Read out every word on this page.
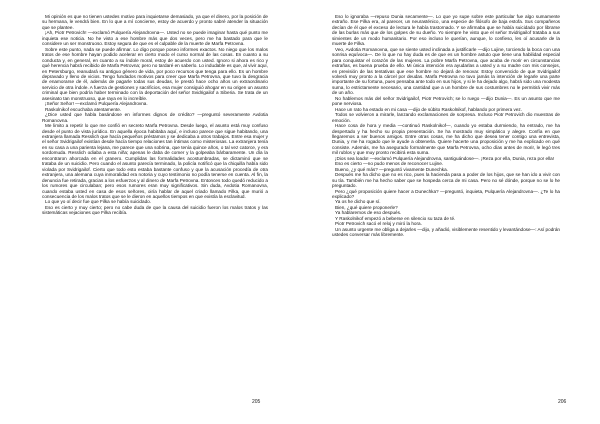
Mi opinión es que no tienen ustedes motivo para inquietarse demasiado, ya que el dinero, por la posición de su hermana, le vendrá bien. En lo que a mí concierne, estoy de acuerdo y pronto sabré atender la situación que se plantee.

¡Ah, Piotr Petrovich! —exclamó Pulquería Alejandrovna—. Usted no se puede imaginar hasta qué punto me inquieta ese noticia. No he visto a ese hombre más que dos veces, pero me ha bastado para que le considere un ser monstruoso. Estoy segura de que es el culpable de la muerte de Marfa Petrovna.

Sobre este punto, nada se puede afirmar. Lo digo porque poseo informes exactos. No niego que los malos tratos de ese hombre hayan podido acelerar en cierto modo el curso normal de las cosas. En cuanto a su conducta y, en general, en cuanto a su índole moral, estoy de acuerdo con usted. Ignoro si ahora es rico y qué herencia habrá recibido de Marfa Petrovna; pero no tardaré en saberlo. Lo indudable es que, al vivir aquí, en Petersburgo, reanudará su antiguo género de vida, por poco recursos que tenga para ello. Es un hombre depravado y lleno de vicios. Tengo fundados motivos para creer que Marfa Petrovna, que tuvo la desgracia de enamorarse de él, además de pagarle todas sus deudas, le prestó hace ocho años un extraordinario servicio de otra índole. A fuerza de gestiones y sacrificios, esa mujer consiguió ahogar en su origen un asunto criminal que bien podría haber terminado con la deportación del señor Svidrigailof a Siberia. Se trata de un asesinato tan monstruoso, que raya en lo increíble.

¡Señor Señor! —exclamó Pulquería Alejandrovna.

Raskolnikof escuchaba atentamente.

¿Dice usted que habla basándose en informes dignos de crédito? —preguntó severamente Avdotia Romanovna.

Me limito a repetir lo que me confió en secreto Marfa Petrovna. Desde luego, el asunto está muy confuso desde el punto de vista jurídico. En aquella época habitaba aquí, e incluso parece que sigue habitando, una extranjera llamada Resslich que hacía pequeños préstamos y se dedicaba a otros trabajos. Entre esa mujer y el señor Svidrigailof existían desde hacía tiempo relaciones tan íntimas como misteriosas. La extranjera tenía en su casa a una parienta lejana, me parece que una sobrina, que tenía quince años, o tal vez catorce, y era sordomuda. Resslich odiaba a esta niña; apenas le daba de comer y la golpeaba bárbaramente. Un día la encontraron ahorcada en el granero. Cumplidas las formalidades acostumbradas, se dictaminó que se trataba de un suicidio. Pero cuando el asunto parecía terminado, la policía notificó que la chiquilla había sido violada por Svidrigailof. Cierto que todo esto estaba bastante confuso y que la acusación procedía de otra extranjera, una alemana cuya inmoralidad era notoria y cuyo testimonio no podía tenerse en cuenta. Al fin, la denuncia fue retirada, gracias a los esfuerzos y al dinero de Marfa Petrovna. Entonces todo quedó reducido a los rumores que circulaban; pero esos rumores eran muy significativos. Sin duda, Avdotia Romanovna, cuando estaba usted en casa de esos señores, oiría hablar de aquel criado llamado Filka, que murió a consecuencia de los malos tratos que se le dieron en aquellos tiempos en que existía la esclavitud.

Lo que yo oí decir fue que Filka se había suicidado.

Eso es cierto y muy cierto; pero no cabe duda de que la causa del suicidio fueron los malos tratos y las sistemáticas vejaciones que Filka recibía.

205

Eso lo ignoraba —repuso Dunia secamente—. Lo que yo supe sobre este particular fue algo sumamente extraño. Ese Filka era, al parecer, un neurasténico, una especie de filósofo de baja estofa. Sus compañeros decían de él que el exceso de lectura le había trastornado. Y se afirmaba que se había suicidado por librarse de las burlas más que de los golpes de su dueño. Yo siempre he visto que el señor Svidrigailof trataba a sus sirvientes de un modo humanitario. Por eso incluso le querían, aunque, lo confieso, les oí acusarle de la muerte de Filka.

Veo, Avdotia Romanovna, que se siente usted inclinada a justificarle —dijo Lujine, torciendo la boca con una sonrisa equívoca—. De lo que no hay duda es de que es un hombre astuto que tiene una habilidad especial para conquistar el corazón de las mujeres. La pobre Marfa Petrovna, que acaba de morir en circunstancias extrañas, es buena prueba de ello. Mi única intención era ayudarlas a usted y a su madre con mis consejos, en previsión de las tentativas que ese hombre no dejará de renovar. Estoy convencido de que Svidrigailof volverá muy pronto a la cárcel por deudas. Marfa Petrovna no tuvo jamás la intención de legarle una parte importante de su fortuna, pues pensaba ante todo en sus hijos, y si le ha dejado algo, habrá sido una modesta suma, lo estrictamente necesario, una cantidad que a un hombre de sus costumbres no le permitirá vivir más de un año.

No hablemos más del señor Svidrigailof, Piotr Petrovich; se lo ruego —dijo Dunia—. Es un asunto que me pone nerviosa.

Hace un rato ha estado en mi casa —dijo de súbito Raskolnikof, hablando por primera vez.

Todos se volvieron a mirarle, lanzando exclamaciones de sorpresa. Incluso Piotr Petrovich dio muestras de emoción.

Hace cosa de hora y media —continuó Raskolnikof—, cuando yo estaba durmiendo, ha entrado, me ha despertado y ha hecho su propia presentación. Se ha mostrado muy simpático y alegre. Confía en que llegaremos a ser buenos amigos. Entre otras cosas, me ha dicho que desea tener contigo una entrevista, Dunia, y me ha rogado que le ayude a obtenerla. Quiere hacerte una proposición y me ha explicado en qué consiste. Además, me ha asegurado formalmente que Marfa Petrovna, ocho días antes de morir, le legó tres mil rublos y que muy pronto recibirá esta suma.

¡Dios sea loado! —exclamó Pulquería Alejandrovna, santiguándose—. ¡Reza por ella, Dunia, reza por ella!

Eso es cierto —no pudo menos de reconocer Lujine.

Bueno, ¿y qué más? —preguntó vivamente Dunechka.

Después me ha dicho que no es rico, pues la hacienda pasa a poder de los hijos, que se han ido a vivir con su tía. También me ha hecho saber que se hospeda cerca de mi casa. Pero no sé dónde, porque no se lo he preguntado.

Pero ¿qué proposición quiere hacer a Dunechka? —preguntó, inquieta, Pulquería Alejandrovna—. ¿Te lo ha explicado?

Ya os he dicho que sí.

Bien, ¿qué quiere proponerle?

Ya hablaremos de eso después.

Y Raskolnikof empezó a beberse en silencio su taza de té.

Piotr Petrovich sacó el reloj y miró la hora.

Un asunto urgente me obliga a dejarles —dijo, y añadió, visiblemente resentido y levantándose—: Así podrán ustedes conversar más libremente.

206
